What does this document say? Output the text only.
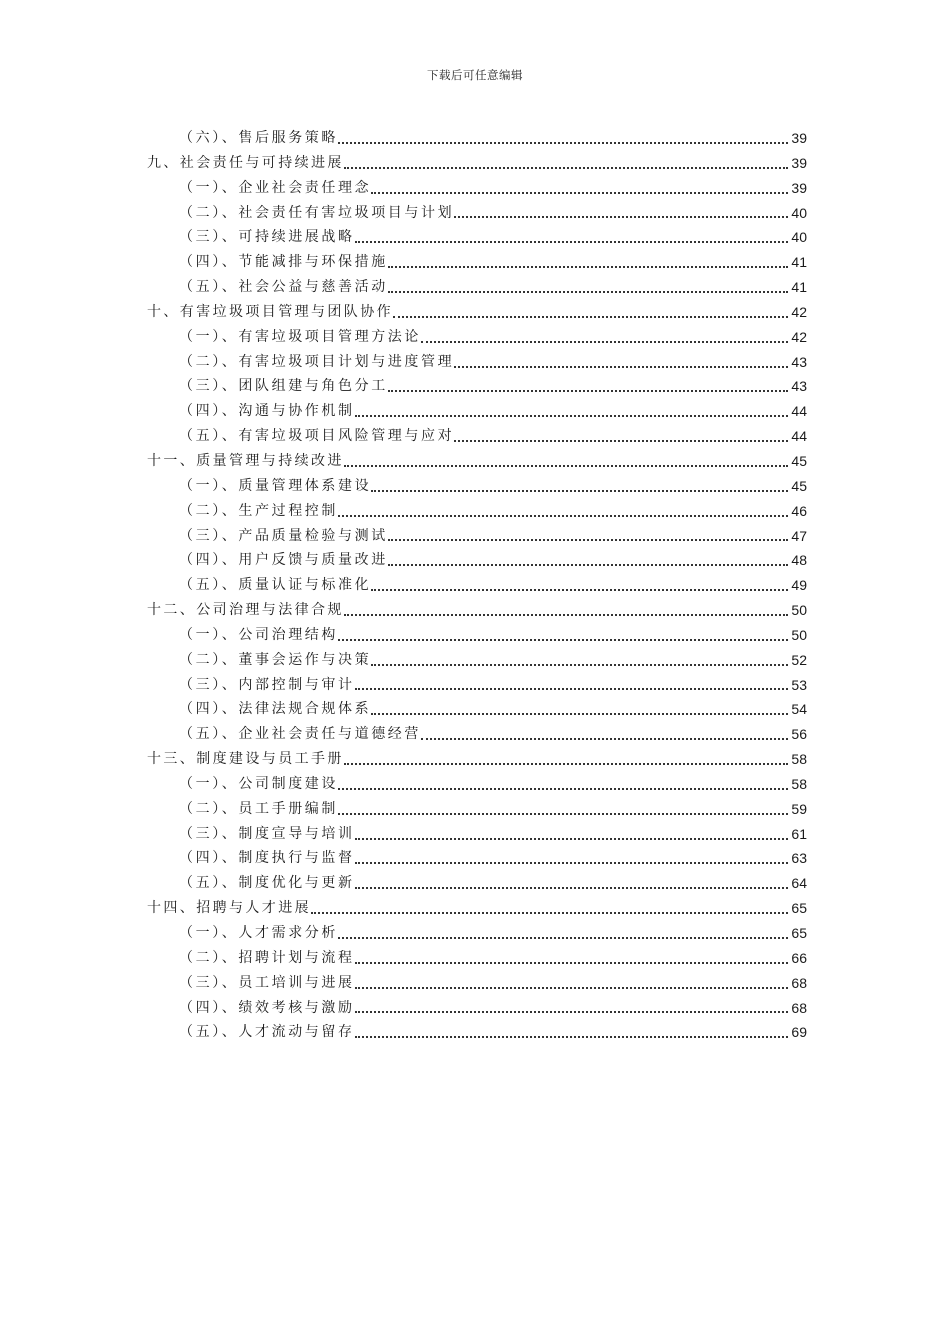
下载后可任意编辑
（六）、售后服务策略	39
九、社会责任与可持续进展	39
（一）、企业社会责任理念	39
（二）、社会责任有害垃圾项目与计划	40
（三）、可持续进展战略	40
（四）、节能减排与环保措施	41
（五）、社会公益与慈善活动	41
十、有害垃圾项目管理与团队协作	42
（一）、有害垃圾项目管理方法论	42
（二）、有害垃圾项目计划与进度管理	43
（三）、团队组建与角色分工	43
（四）、沟通与协作机制	44
（五）、有害垃圾项目风险管理与应对	44
十一、质量管理与持续改进	45
（一）、质量管理体系建设	45
（二）、生产过程控制	46
（三）、产品质量检验与测试	47
（四）、用户反馈与质量改进	48
（五）、质量认证与标准化	49
十二、公司治理与法律合规	50
（一）、公司治理结构	50
（二）、董事会运作与决策	52
（三）、内部控制与审计	53
（四）、法律法规合规体系	54
（五）、企业社会责任与道德经营	56
十三、制度建设与员工手册	58
（一）、公司制度建设	58
（二）、员工手册编制	59
（三）、制度宣导与培训	61
（四）、制度执行与监督	63
（五）、制度优化与更新	64
十四、招聘与人才进展	65
（一）、人才需求分析	65
（二）、招聘计划与流程	66
（三）、员工培训与进展	68
（四）、绩效考核与激励	68
（五）、人才流动与留存	69
